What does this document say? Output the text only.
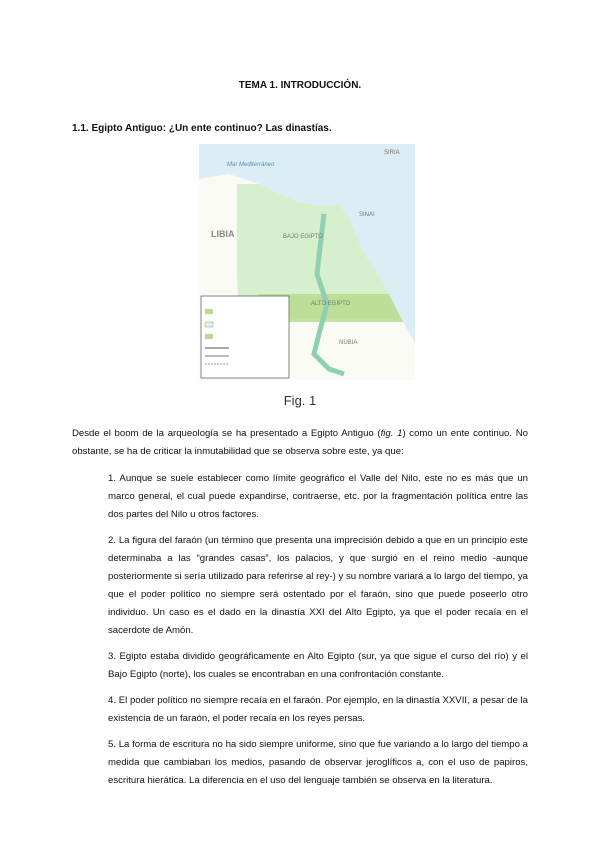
TEMA 1. INTRODUCCIÓN.
1.1. Egipto Antiguo: ¿Un ente continuo? Las dinastías.
Mar Mediterráneo
SIRIA
LIBIA
SINAI
BAJO EGIPTO
ALTO EGIPTO
NUBIA
Fig. 1
Desde el boom de la arqueología se ha presentado a Egipto Antiguo (fig. 1) como un ente continuo. No obstante, se ha de criticar la inmutabilidad que se observa sobre este, ya que:
1. Aunque se suele establecer como límite geográfico el Valle del Nilo, este no es más que un marco general, el cual puede expandirse, contraerse, etc. por la fragmentación política entre las dos partes del Nilo u otros factores.
2. La figura del faraón (un término que presenta una imprecisión debido a que en un principio este determinaba a las “grandes casas”, los palacios, y que surgió en el reino medio -aunque posteriormente si sería utilizado para referirse al rey-) y su nombre variará a lo largo del tiempo, ya que el poder político no siempre será ostentado por el faraón, sino que puede poseerlo otro individuo. Un caso es el dado en la dinastía XXI del Alto Egipto, ya que el poder recaía en el sacerdote de Amón.
3. Egipto estaba dividido geográficamente en Alto Egipto (sur, ya que sigue el curso del río) y el Bajo Egipto (norte), los cuales se encontraban en una confrontación constante.
4. El poder político no siempre recaía en el faraón. Por ejemplo, en la dinastía XXVII, a pesar de la existencia de un faraón, el poder recaía en los reyes persas.
5. La forma de escritura no ha sido siempre uniforme, sino que fue variando a lo largo del tiempo a medida que cambiaban los medios, pasando de observar jeroglíficos a, con el uso de papiros, escritura hierática. La diferencia en el uso del lenguaje también se observa en la literatura.
